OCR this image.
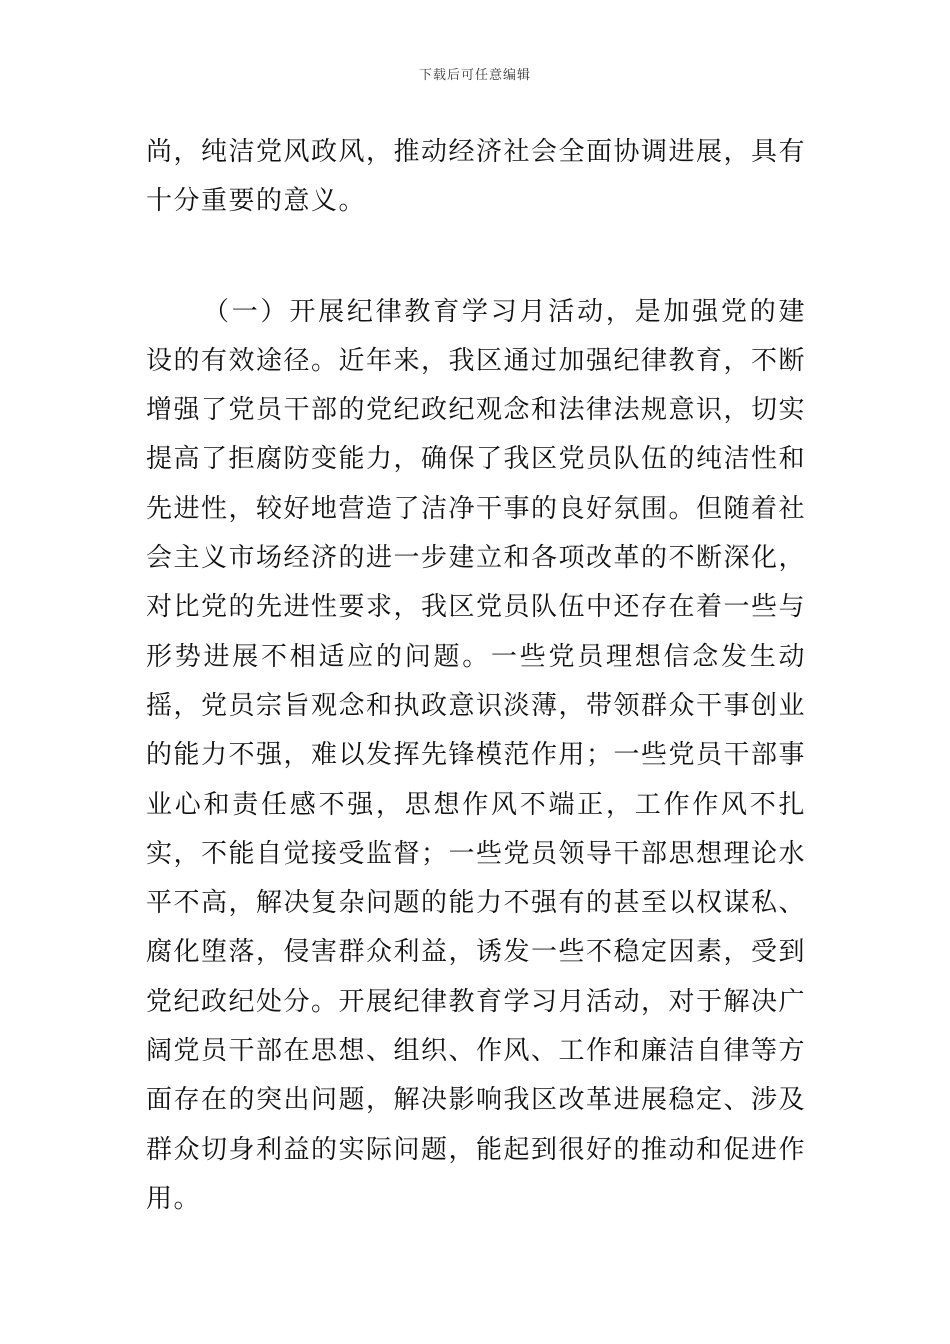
下载后可任意编辑

尚，纯洁党风政风，推动经济社会全面协调进展，具有十分重要的意义。

（一）开展纪律教育学习月活动，是加强党的建设的有效途径。近年来，我区通过加强纪律教育，不断增强了党员干部的党纪政纪观念和法律法规意识，切实提高了拒腐防变能力，确保了我区党员队伍的纯洁性和先进性，较好地营造了洁净干事的良好氛围。但随着社会主义市场经济的进一步建立和各项改革的不断深化，对比党的先进性要求，我区党员队伍中还存在着一些与形势进展不相适应的问题。一些党员理想信念发生动摇，党员宗旨观念和执政意识淡薄，带领群众干事创业的能力不强，难以发挥先锋模范作用；一些党员干部事业心和责任感不强，思想作风不端正，工作作风不扎实，不能自觉接受监督；一些党员领导干部思想理论水平不高，解决复杂问题的能力不强有的甚至以权谋私、腐化堕落，侵害群众利益，诱发一些不稳定因素，受到党纪政纪处分。开展纪律教育学习月活动，对于解决广阔党员干部在思想、组织、作风、工作和廉洁自律等方面存在的突出问题，解决影响我区改革进展稳定、涉及群众切身利益的实际问题，能起到很好的推动和促进作用。
